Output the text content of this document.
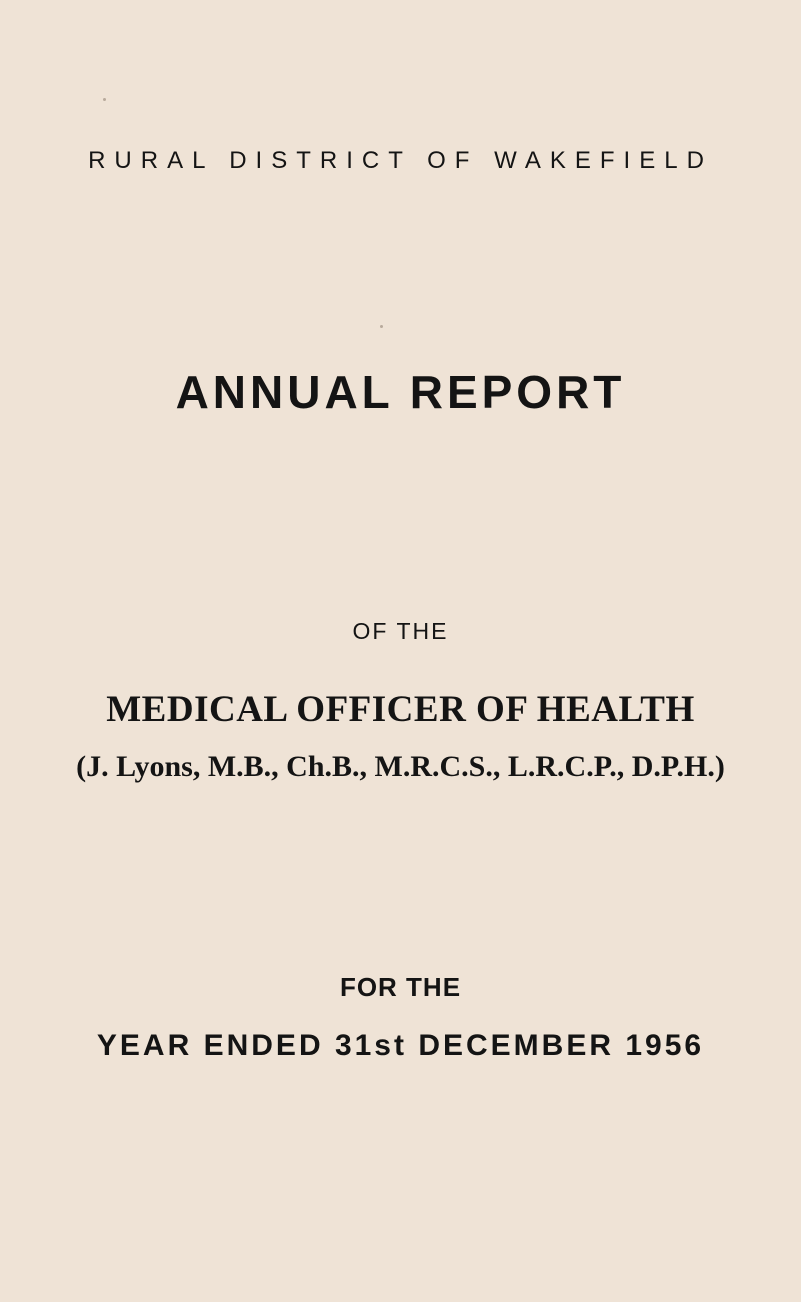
RURAL DISTRICT OF WAKEFIELD
ANNUAL REPORT
OF THE
MEDICAL OFFICER OF HEALTH
(J. Lyons, M.B., Ch.B., M.R.C.S., L.R.C.P., D.P.H.)
FOR THE
YEAR ENDED 31st DECEMBER 1956
